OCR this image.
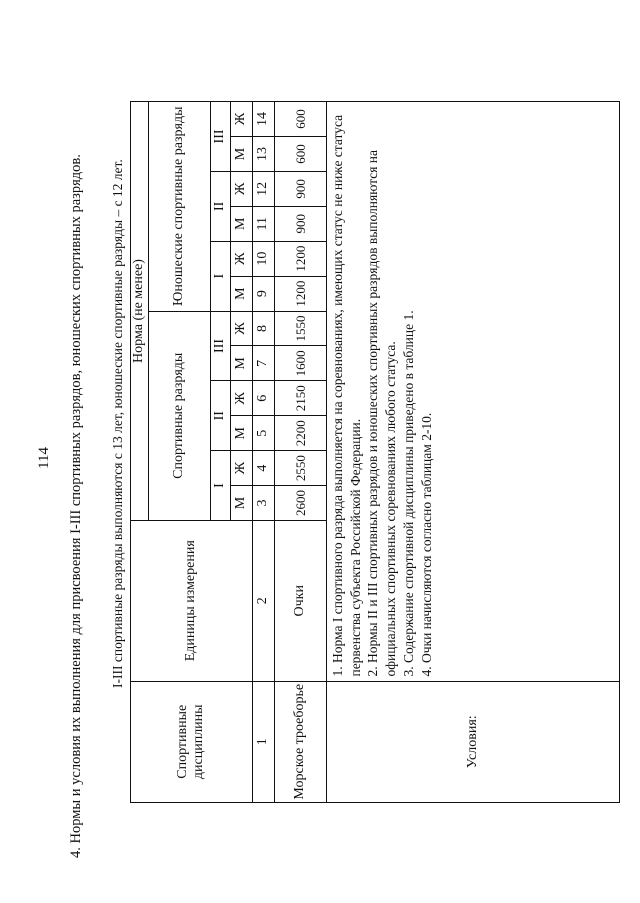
114 4. Нормы и условия их выполнения для присвоения I-III спортивных разрядов, юношеских спортивных разрядов. I-III спортивные разряды выполняются с 13 лет, юношеские спортивные разряды – с 12 лет.
Спортивные дисциплины	Единицы измерения	Норма (не менее)											
		Спортивные разряды						Юношеские спортивные разряды					
		I		II		III		I		II		III	
		М	Ж	М	Ж	М	Ж	М	Ж	М	Ж	М	Ж
1	2	3	4	5	6	7	8	9	10	11	12	13	14
Морское троеборье	Очки	2600	2550	2200	2150	1600	1550	1200	1200	900	900	600	600
Условия:	1. Норма I спортивного разряда выполняется на соревнованиях, имеющих статус не ниже статуса первенства субъекта Российской Федерации. 2. Нормы II и III спортивных разрядов и юношеских спортивных разрядов выполняются на официальных спортивных соревнованиях любого статуса. 3. Содержание спортивной дисциплины приведено в таблице 1. 4. Очки начисляются согласно таблицам 2-10.												
